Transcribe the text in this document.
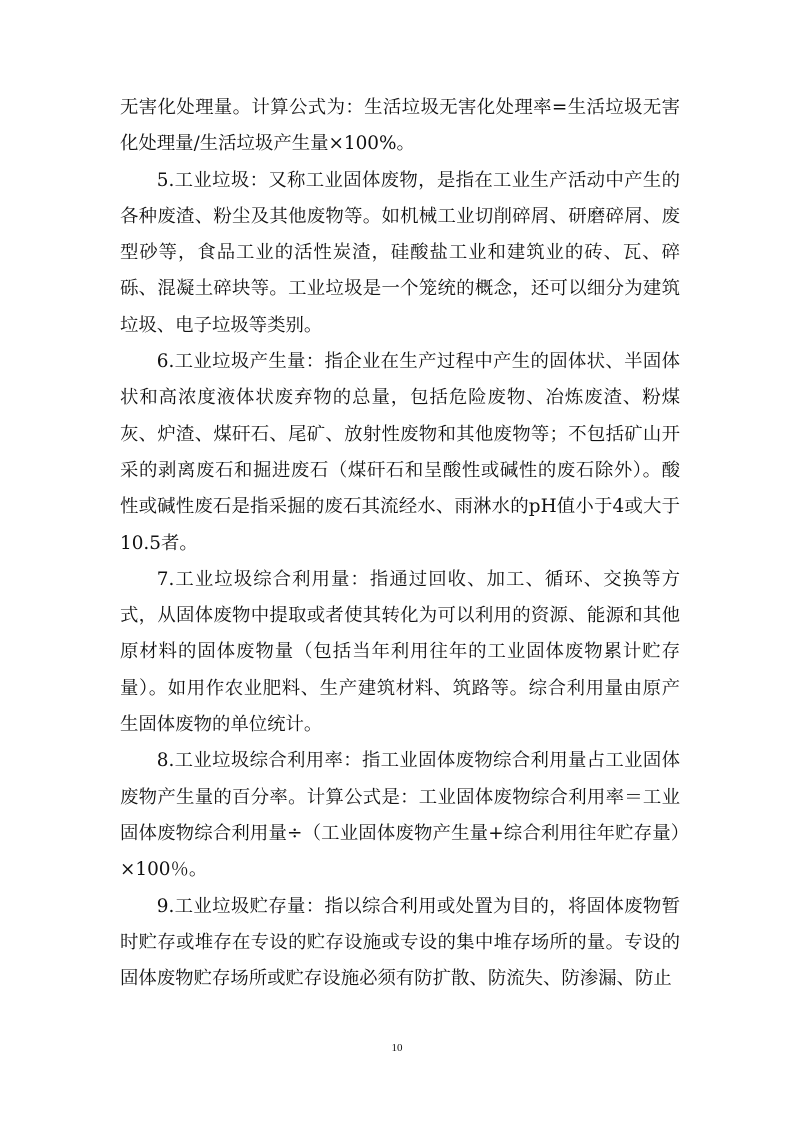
无害化处理量。计算公式为：生活垃圾无害化处理率=生活垃圾无害化处理量/生活垃圾产生量×100%。

5.工业垃圾：又称工业固体废物，是指在工业生产活动中产生的各种废渣、粉尘及其他废物等。如机械工业切削碎屑、研磨碎屑、废型砂等，食品工业的活性炭渣，硅酸盐工业和建筑业的砖、瓦、碎砾、混凝土碎块等。工业垃圾是一个笼统的概念，还可以细分为建筑垃圾、电子垃圾等类别。

6.工业垃圾产生量：指企业在生产过程中产生的固体状、半固体状和高浓度液体状废弃物的总量，包括危险废物、冶炼废渣、粉煤灰、炉渣、煤矸石、尾矿、放射性废物和其他废物等；不包括矿山开采的剥离废石和掘进废石（煤矸石和呈酸性或碱性的废石除外）。酸性或碱性废石是指采掘的废石其流经水、雨淋水的pH值小于4或大于10.5者。

7.工业垃圾综合利用量：指通过回收、加工、循环、交换等方式，从固体废物中提取或者使其转化为可以利用的资源、能源和其他原材料的固体废物量（包括当年利用往年的工业固体废物累计贮存量）。如用作农业肥料、生产建筑材料、筑路等。综合利用量由原产生固体废物的单位统计。

8.工业垃圾综合利用率：指工业固体废物综合利用量占工业固体废物产生量的百分率。计算公式是：工业固体废物综合利用率＝工业固体废物综合利用量÷（工业固体废物产生量+综合利用往年贮存量）×100％。

9.工业垃圾贮存量：指以综合利用或处置为目的，将固体废物暂时贮存或堆存在专设的贮存设施或专设的集中堆存场所的量。专设的固体废物贮存场所或贮存设施必须有防扩散、防流失、防渗漏、防止

10
